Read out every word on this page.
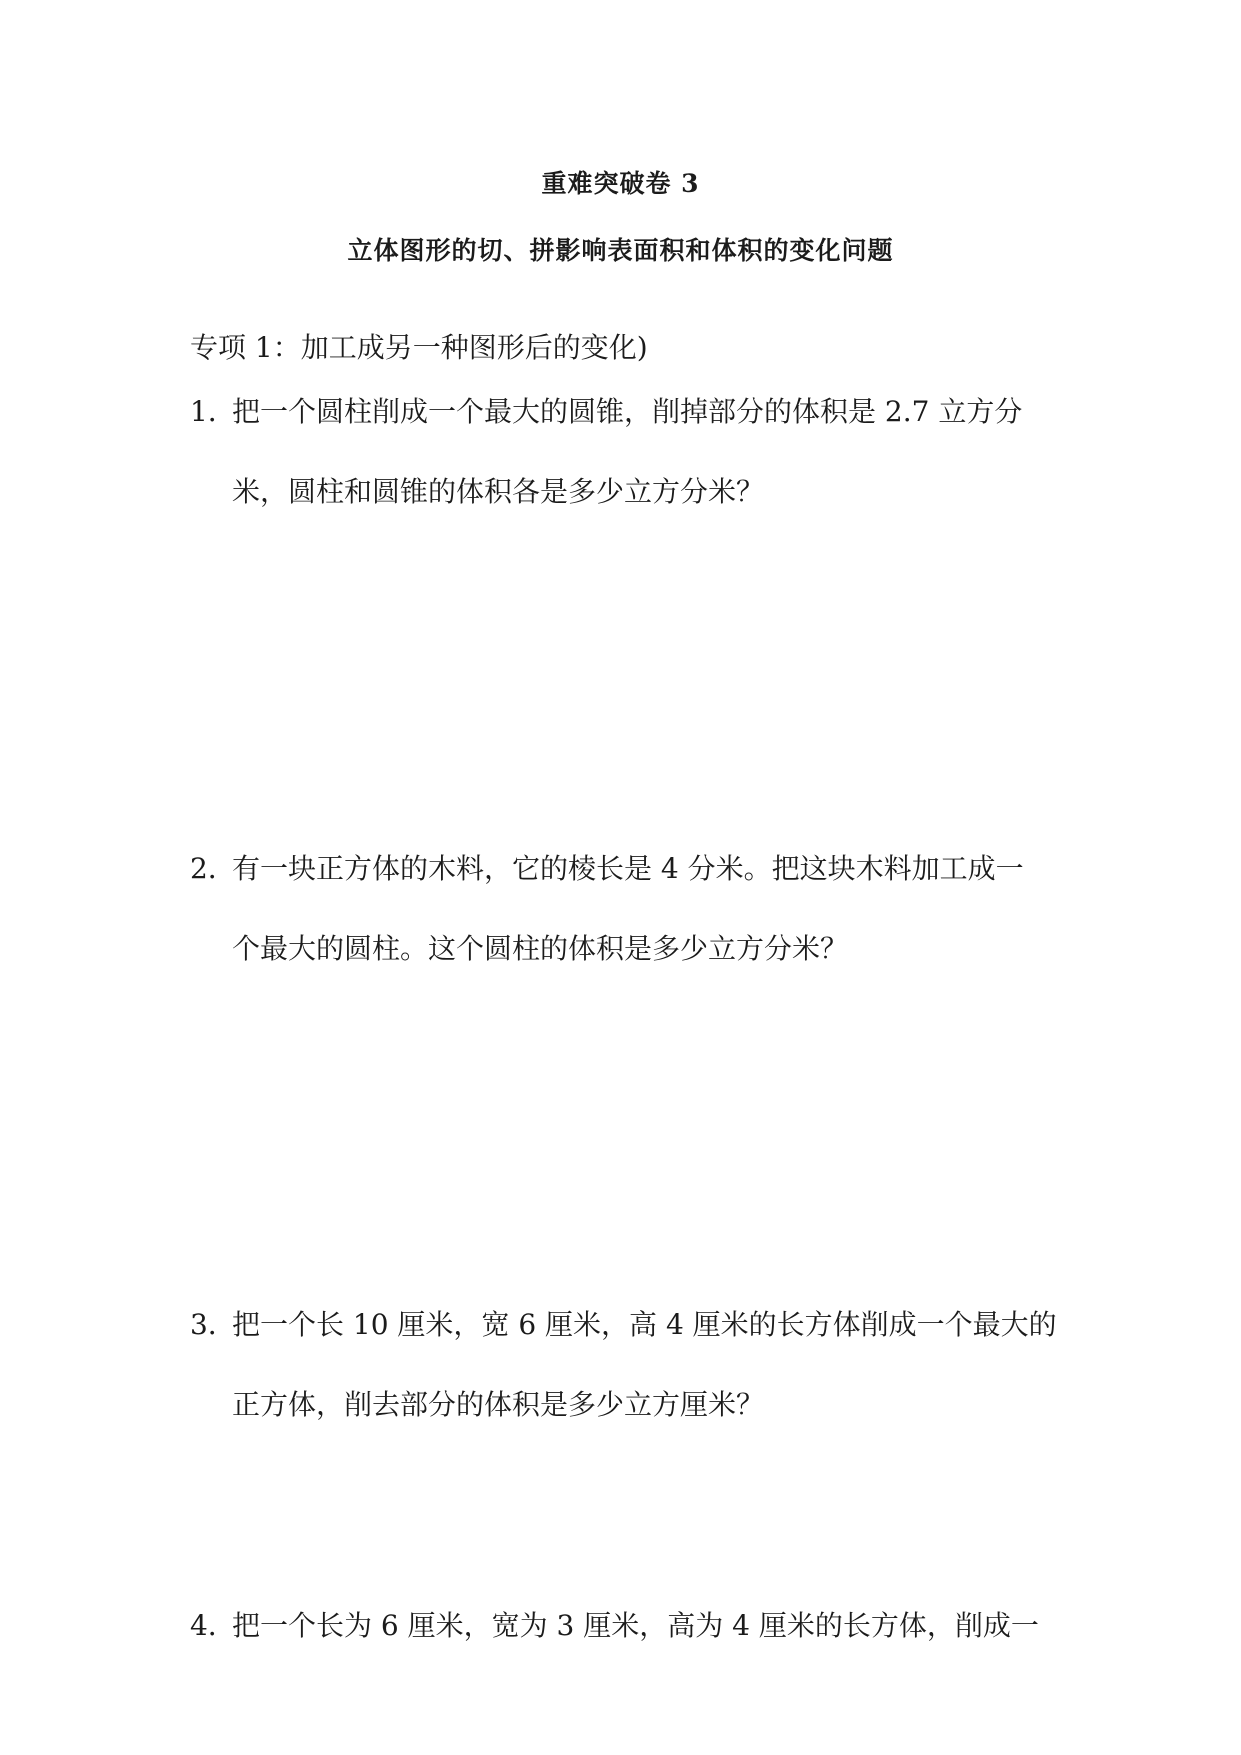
重难突破卷 3
立体图形的切、拼影响表面积和体积的变化问题
专项 1：加工成另一种图形后的变化)
1．把一个圆柱削成一个最大的圆锥，削掉部分的体积是 2.7 立方分
米，圆柱和圆锥的体积各是多少立方分米？
2．有一块正方体的木料，它的棱长是 4 分米。把这块木料加工成一
个最大的圆柱。这个圆柱的体积是多少立方分米？
3．把一个长 10 厘米，宽 6 厘米，高 4 厘米的长方体削成一个最大的
正方体，削去部分的体积是多少立方厘米？
4．把一个长为 6 厘米，宽为 3 厘米，高为 4 厘米的长方体，削成一
